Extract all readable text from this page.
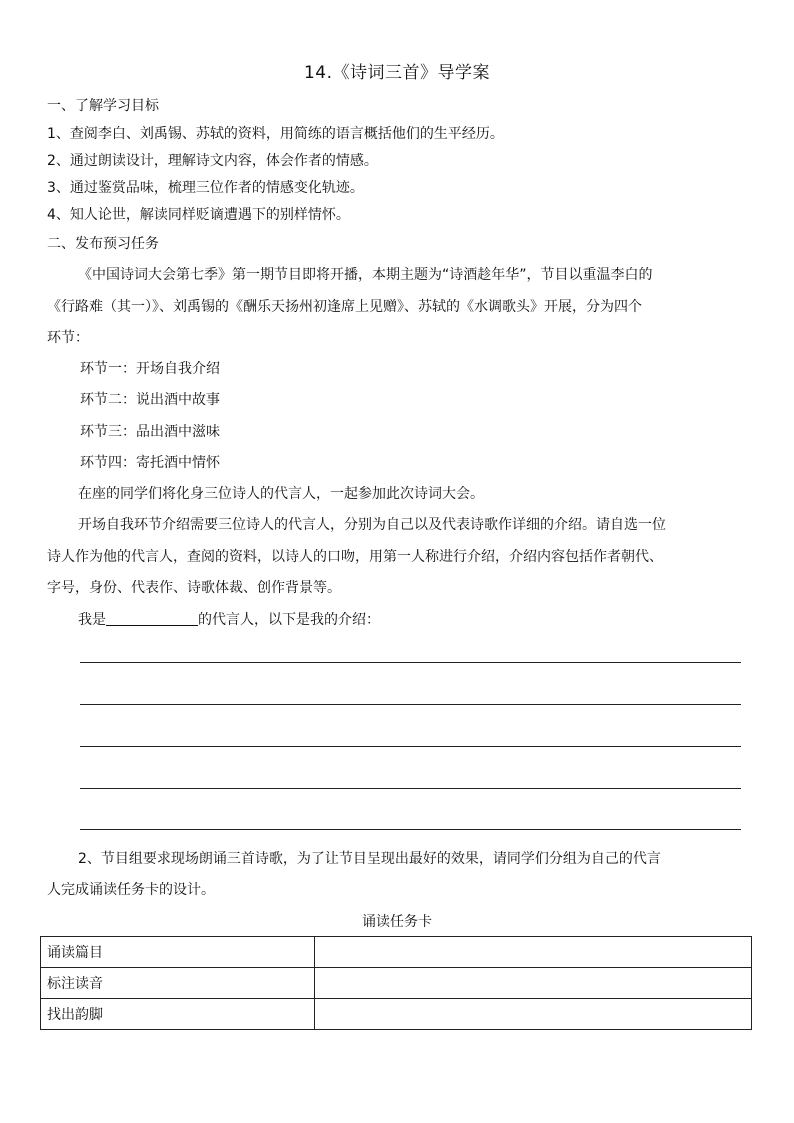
14.《诗词三首》导学案
一、了解学习目标
1、查阅李白、刘禹锡、苏轼的资料，用简练的语言概括他们的生平经历。
2、通过朗读设计，理解诗文内容，体会作者的情感。
3、通过鉴赏品味，梳理三位作者的情感变化轨迹。
4、知人论世，解读同样贬谪遭遇下的别样情怀。
二、发布预习任务
《中国诗词大会第七季》第一期节目即将开播，本期主题为“诗酒趁年华”，节目以重温李白的
《行路难（其一）》、刘禹锡的《酬乐天扬州初逢席上见赠》、苏轼的《水调歌头》开展，分为四个
环节：
环节一：开场自我介绍
环节二：说出酒中故事
环节三：品出酒中滋味
环节四：寄托酒中情怀
在座的同学们将化身三位诗人的代言人，一起参加此次诗词大会。
开场自我环节介绍需要三位诗人的代言人，分别为自己以及代表诗歌作详细的介绍。请自选一位
诗人作为他的代言人，查阅的资料，以诗人的口吻，用第一人称进行介绍，介绍内容包括作者朝代、
字号，身份、代表作、诗歌体裁、创作背景等。
我是	的代言人，以下是我的介绍：
2、节目组要求现场朗诵三首诗歌，为了让节目呈现出最好的效果，请同学们分组为自己的代言
人完成诵读任务卡的设计。
诵读任务卡
诵读篇目	
标注读音	
找出韵脚	
